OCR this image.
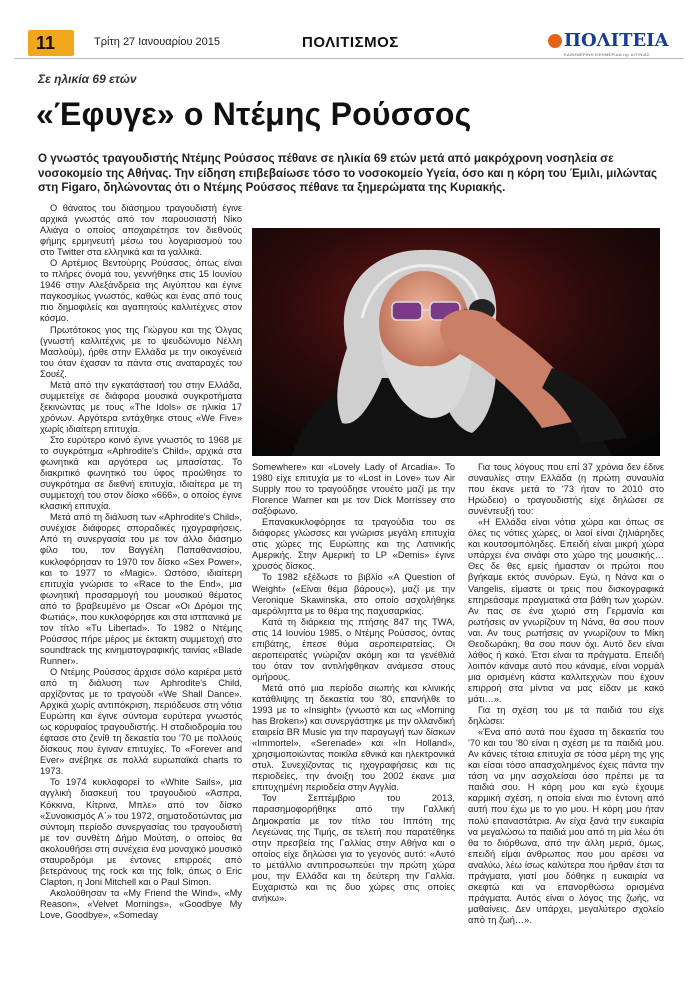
11	Τρίτη 27 Ιανουαρίου 2015	ΠΟΛΙΤΙΣΜΟΣ	ΠΟΛΙΤΕΙΑ
ΚΑΘΗΜΕΡΙΝΗ ΕΦΗΜΕΡΙΔΑ της ΑΙΤ/ΝΙΑΣ
Σε ηλικία 69 ετών
«Έφυγε» ο Ντέμης Ρούσσος
Ο γνωστός τραγουδιστής Ντέμης Ρούσσος πέθανε σε ηλικία 69 ετών μετά από μακρόχρονη νοσηλεία σε νοσοκομείο της Αθήνας. Την είδηση επιβεβαίωσε τόσο το νοσοκομείο Υγεία, όσο και η κόρη του Έμιλι, μιλώντας στη Figaro, δηλώνοντας ότι ο Ντέμης Ρούσσος πέθανε τα ξημερώματα της Κυριακής.

Ο θάνατος του διάσημου τραγουδιστή έγινε αρχικά γνωστός από τον παρουσιαστή Νίκο Αλιάγα ο οποίος αποχαιρέτησε τον διεθνούς φήμης ερμηνευτή μέσω του λογαριασμού του στο Twitter στα ελληνικά και τα γαλλικά.

Ο Αρτέμιος Βεντούρης Ρούσσος, όπως είναι το πλήρες όνομά του, γεννήθηκε στις 15 Ιουνίου 1946 στην Αλεξάνδρεια της Αιγύπτου και έγινε παγκοσμίως γνωστός, καθώς και ένας από τους πιο δημοφιλείς και αγαπητούς καλλιτέχνες στον κόσμο.

Πρωτότοκος γιος της Γιώργου και της Όλγας (γνωστή καλλιτέχνις με το ψευδώνυμο Νέλλη Μασλούμ), ήρθε στην Ελλάδα με την οικογένειά του όταν έχασαν τα πάντα στις αναταραχές του Σουέζ.

Μετά από την εγκατάστασή του στην Ελλάδα, συμμετείχε σε διάφορα μουσικά συγκροτήματα ξεκινώντας με τους «The Idols» σε ηλικία 17 χρόνων. Αργότερα εντάχθηκε στους «We Five» χωρίς ιδιαίτερη επιτυχία.

Στο ευρύτερο κοινό έγινε γνωστός το 1968 με το συγκρότημα «Aphrodite's Child», αρχικά στα φωνητικά και αργότερα ως μπασίστας. Το διακριτικό φωνητικό του ύφος προώθησε το συγκρότημα σε διεθνή επιτυχία, ιδιαίτερα με τη συμμετοχή του στον δίσκο «666», ο οποίος έγινε κλασική επιτυχία.

Μετά από τη διάλυση των «Aphrodite's Child», συνέχισε διάφορες σποραδικές ηχογραφήσεις. Από τη συνεργασία του με τον άλλο διάσημο φίλο του, τον Βαγγέλη Παπαθανασίου, κυκλοφόρησαν το 1970 τον δίσκο «Sex Power», και το 1977 το «Magic». Ωστόσο, ιδιαίτερη επιτυχία γνώρισε το «Race to the End», μια φωνητική προσαρμογή του μουσικού θέματος από το βραβευμένο με Oscar «Οι Δρόμοι της Φωτιάς», που κυκλοφόρησε και στα ιστπανικά με τον τίτλο «Tu Libertad». Το 1982 ο Ντέμης Ρούσσος πήρε μέρος με έκτακτη συμμετοχή στο soundtrack της κινηματογραφικής ταινίας «Blade Runner».

Ο Ντέμης Ρούσσος άρχισε σόλο καριέρα μετά από τη διάλυση των Aphrodite's Child, αρχίζοντας με το τραγούδι «We Shall Dance». Αρχικά χωρίς αντιπόκριση, περιόδευσε στη νότια Ευρώπη και έγινε σύντομα ευρύτερα γνωστός ως κορυφαίος τραγουδιστής. Η σταδιοδρομία του έφτασε στο ζενίθ τη δεκαετία του '70 με πολλούς δίσκους που έγιναν επιτυχίες. Το «Forever and Ever» ανέβηκε σε πολλά ευρωπαϊκά charts το 1973.

Το 1974 κυκλοφορεί το «White Sails», μια αγγλική διασκευή του τραγουδιού «Άσπρα, Κόκκινα, Κίτρινα, Μπλε» από τον δίσκο «Συνοικισμός Α΄» του 1972, σηματοδοτώντας μια σύντομη περίοδο συνεργασίας του τραγουδιστή με τον συνθέτη Δήμο Μούτση, ο οποίος θα ακολουθήσει στη συνέχεια ένα μοναχικό μουσικό σταυροδρόμι με έντονες επιρροές από βετεράνους της rock και της folk, όπως ο Eric Clapton, η Joni Mitchell και ο Paul Simon.

Ακολούθησαν τα «My Friend the Wind», «My Reason», «Velvet Mornings», «Goodbye My Love, Goodbye», «Someday

Somewhere» και «Lovely Lady of Arcadia». Το 1980 είχε επιτυχία με το «Lost in Love» των Air Supply που το τραγούδησε ντουέτο μαζί με την Florence Warner και με τον Dick Morrissey στο σαξόφωνο.

Επανακυκλοφόρησε τα τραγούδια του σε διάφορες γλώσσες και γνώρισε μεγάλη επιτυχία στις χώρες της Ευρώπης και της Λατινικής Αμερικής. Στην Αμερική το LP «Demis» έγινε χρυσός δίσκος.

Το 1982 εξέδωσε το βιβλίο «A Question of Weight» («Είναι θέμα βάρους»), μαζί με την Veronique Skawinska, στο οποίο ασχολήθηκε αμερόληπτα με το θέμα της παχυσαρκίας.

Κατά τη διάρκεια της πτήσης 847 της TWA, στις 14 Ιουνίου 1985, ο Ντέμης Ρούσσος, όντας επιβάτης, έπεσε θύμα αεροπειρατείας. Οι αεροπειρατές γνώριζαν ακόμη και τα γενέθλιά του όταν τον αντιλήφθηκαν ανάμεσα στους ομήρους.

Μετά από μια περίοδο σιωπής και κλινικής κατάθλιψης τη δεκαετία του '80, επανήλθε το 1993 με το «Insight» (γνωστό και ως «Morning has Broken») και συνεργάστηκε με την ολλανδική εταιρεία BR Music για την παραγωγή των δίσκων «Immortel», «Serenade» και «In Holland», χρησιμοποιώντας ποικίλα εθνικά και ηλεκτρονικά στυλ. Συνεχίζοντας τις ηχογραφήσεις και τις περιοδείες, την άνοιξη του 2002 έκανε μια επιτυχημένη περιοδεία στην Αγγλία.

Τον Σεπτέμβριο του 2013, παρασημοφορήθηκε από την Γαλλική Δημοκρατία με τον τίτλο του Ιππότη της Λεγεώνας της Τιμής, σε τελετή που παρατέθηκε στην πρεσβεία της Γαλλίας στην Αθήνα και ο οποίος είχε δηλώσει για το γεγονός αυτό: «Αυτό το μετάλλιο αντιπροσωπεύει την πρώτη χώρα μου, την Ελλάδα και τη δεύτερη την Γαλλία. Ευχαριστώ και τις δυο χώρες στις οποίες ανήκω».

Για τους λόγους που επί 37 χρόνια δεν έδινε συναυλίες στην Ελλάδα (η πρώτη συναυλία που έκανε μετά το '73 ήταν το 2010 στο Ηρώδειο) ο τραγουδιστής είχε δηλώσει σε συνέντευξή του:

«Η Ελλάδα είναι νότια χώρα και όπως σε όλες τις νότιες χώρες, οι λαοί είναι ζηλιάρηδες και κουτσομπόληδες. Επειδή είναι μικρή χώρα υπάρχει ένα σινάφι στο χώρο της μουσικής… Θες δε θες εμείς ήμασταν οι πρώτοι που βγήκαμε εκτός συνόρων. Εγώ, η Νάνα και ο Vangelis, είμαστε οι τρεις που δισκογραφικά επηρεάσαμε πραγματικά στα βάθη των χωρών. Αν πας σε ένα χωριό στη Γερμανία και ρωτήσεις αν γνωρίζουν τη Νάνα, θα σου πουν ναι. Αν τους ρωτήσεις αν γνωρίζουν το Μίκη Θεοδωράκη, θα σου πουν όχι. Αυτό δεν είναι λάθος ή κακό. Έτσι είναι τα πράγματα. Επειδή λοιπόν κάναμε αυτό που κάναμε, είναι νορμάλ μια ορισμένη κάστα καλλιτεχνών που έχουν επιρροή στα μίντια να μας είδαν με κακό μάτι…».

Για τη σχέση του με τα παιδιά του είχε δηλώσει:

«Ένα από αυτά που έχασα τη δεκαετία του '70 και του '80 είναι η σχέση με τα παιδιά μου. Αν κάνεις τέτοια επιτυχία σε τόσα μέρη της γης και είσαι τόσο απασχολημένος έχεις πάντα την τάση να μην ασχολείσαι όσο πρέπει με τα παιδιά σου. Η κόρη μου και εγώ έχουμε καρμική σχέση, η οποία είναι πιο έντονη από αυτή που έχω με το γιο μου. Η κόρη μου ήταν πολύ επαναστάτρια. Αν είχα ξανά την ευκαιρία να μεγαλώσω τα παιδιά μου από τη μία λέω ότι θα το διόρθωνα, από την άλλη μεριά, όμως, επειδή είμαι άνθρωπος που μου αρέσει να αναλύω, λέω ίσως καλύτερα που ήρθαν έτσι τα πράγματα, γιατί μου δόθηκε η ευκαιρία να σκεφτώ και να επανορθώσω ορισμένα πράγματα. Αυτός είναι ο λόγος της ζωής, να μαθαίνεις. Δεν υπάρχει, μεγαλύτερο σχολείο από τη ζωή…».
